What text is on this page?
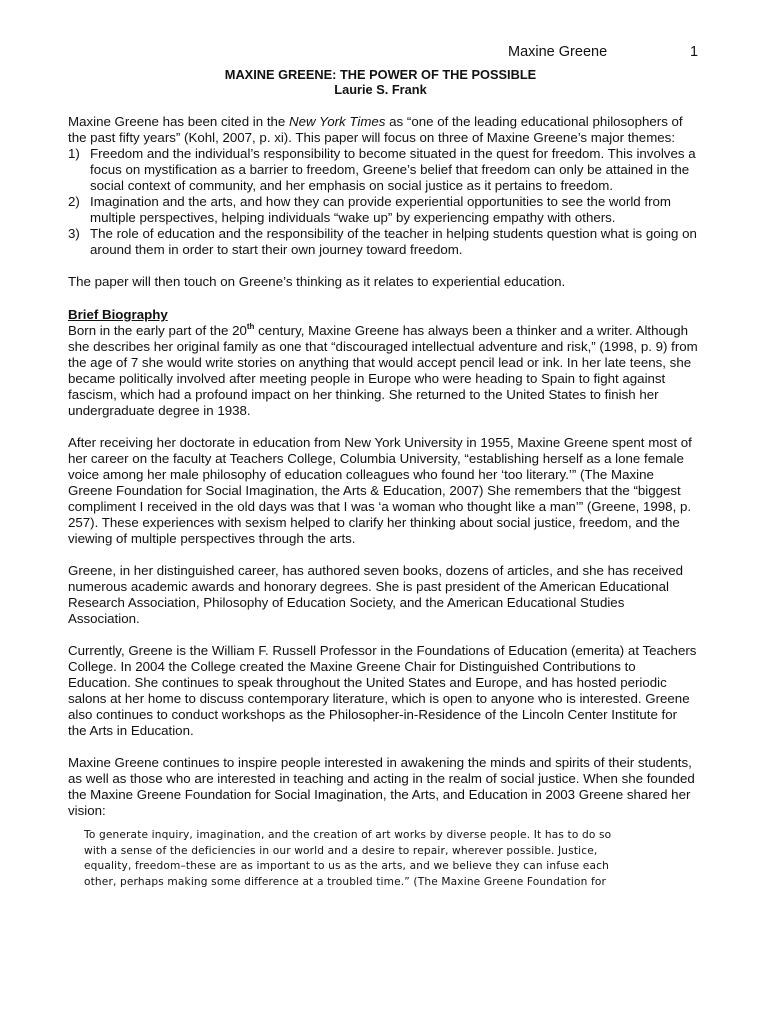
Maxine Greene	1
MAXINE GREENE: THE POWER OF THE POSSIBLE
Laurie S. Frank

Maxine Greene has been cited in the New York Times as “one of the leading educational philosophers of the past fifty years” (Kohl, 2007, p. xi). This paper will focus on three of Maxine Greene’s major themes:

1) Freedom and the individual’s responsibility to become situated in the quest for freedom. This involves a focus on mystification as a barrier to freedom, Greene’s belief that freedom can only be attained in the social context of community, and her emphasis on social justice as it pertains to freedom.
2) Imagination and the arts, and how they can provide experiential opportunities to see the world from multiple perspectives, helping individuals “wake up” by experiencing empathy with others.
3) The role of education and the responsibility of the teacher in helping students question what is going on around them in order to start their own journey toward freedom.

The paper will then touch on Greene’s thinking as it relates to experiential education.

Brief Biography

Born in the early part of the 20th century, Maxine Greene has always been a thinker and a writer. Although she describes her original family as one that “discouraged intellectual adventure and risk,” (1998, p. 9) from the age of 7 she would write stories on anything that would accept pencil lead or ink. In her late teens, she became politically involved after meeting people in Europe who were heading to Spain to fight against fascism, which had a profound impact on her thinking. She returned to the United States to finish her undergraduate degree in 1938.

After receiving her doctorate in education from New York University in 1955, Maxine Greene spent most of her career on the faculty at Teachers College, Columbia University, “establishing herself as a lone female voice among her male philosophy of education colleagues who found her ‘too literary.’” (The Maxine Greene Foundation for Social Imagination, the Arts & Education, 2007) She remembers that the “biggest compliment I received in the old days was that I was ‘a woman who thought like a man’” (Greene, 1998, p. 257). These experiences with sexism helped to clarify her thinking about social justice, freedom, and the viewing of multiple perspectives through the arts.

Greene, in her distinguished career, has authored seven books, dozens of articles, and she has received numerous academic awards and honorary degrees. She is past president of the American Educational Research Association, Philosophy of Education Society, and the American Educational Studies Association.

Currently, Greene is the William F. Russell Professor in the Foundations of Education (emerita) at Teachers College. In 2004 the College created the Maxine Greene Chair for Distinguished Contributions to Education. She continues to speak throughout the United States and Europe, and has hosted periodic salons at her home to discuss contemporary literature, which is open to anyone who is interested. Greene also continues to conduct workshops as the Philosopher-in-Residence of the Lincoln Center Institute for the Arts in Education.

Maxine Greene continues to inspire people interested in awakening the minds and spirits of their students, as well as those who are interested in teaching and acting in the realm of social justice. When she founded the Maxine Greene Foundation for Social Imagination, the Arts, and Education in 2003 Greene shared her vision:

To generate inquiry, imagination, and the creation of art works by diverse people. It has to do so with a sense of the deficiencies in our world and a desire to repair, wherever possible. Justice, equality, freedom–these are as important to us as the arts, and we believe they can infuse each other, perhaps making some difference at a troubled time.” (The Maxine Greene Foundation for
